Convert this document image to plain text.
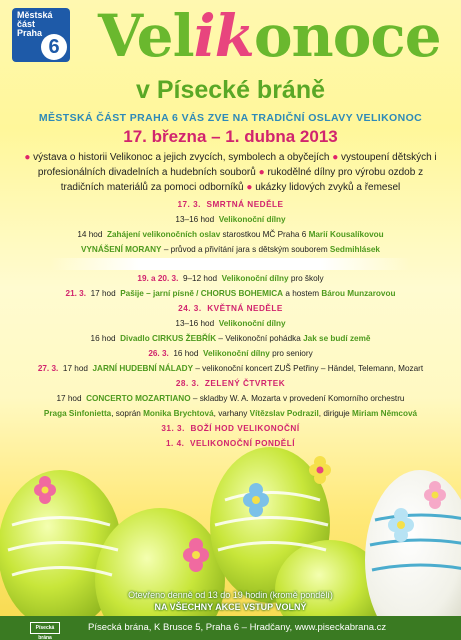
Městská
část
Praha
6 Velikonoce
v Písecké bráně
MĚSTSKÁ ČÁST PRAHA 6 VÁS ZVE NA TRADIČNÍ OSLAVY VELIKONOC
17. března – 1. dubna 2013
● výstava o historii Velikonoc a jejich zvycích, symbolech a obyčejích ● vystoupení dětských i profesionálních divadelních a hudebních souborů ● rukodělné dílny pro výrobu ozdob z tradičních materiálů za pomoci odborníků ● ukázky lidových zvyků a řemesel
17. 3. SMRTNÁ NEDĚLE
13–16 hod Velikonoční dílny
14 hod Zahájení velikonočních oslav starostkou MČ Praha 6 Marií Kousalíkovou
VYNÁŠENÍ MORANY – průvod a přivítání jara s dětským souborem Sedmihlásek
19. a 20. 3. 9–12 hod Velikonoční dílny pro školy
21. 3. 17 hod Pašije – jarní písně / CHORUS BOHEMICA a hostem Bárou Munzarovou
24. 3. KVĚTNÁ NEDĚLE
13–16 hod Velikonoční dílny
16 hod Divadlo CIRKUS ŽEBŘÍK – Velikonoční pohádka Jak se budí země
26. 3. 16 hod Velikonoční dílny pro seniory
27. 3. 17 hod JARNÍ HUDEBNÍ NÁLADY – velikonoční koncert ZUŠ Petřiny – Händel, Telemann, Mozart
28. 3. ZELENÝ ČTVRTEK
17 hod CONCERTO MOZARTIANO – skladby W. A. Mozarta v provedení Komorního orchestru
Praga Sinfonietta, soprán Monika Brychtová, varhany Vítězslav Podrazil, diriguje Miriam Němcová
31. 3. BOŽÍ HOD VELIKONOČNÍ
1. 4. VELIKONOČNÍ PONDĚLÍ
Otevřeno denně od 13 do 19 hodin (kromě pondělí)
NA VŠECHNY AKCE VSTUP VOLNÝ
Písecká brána
Písecká brána, K Brusce 5, Praha 6 – Hradčany, www.piseckabrana.cz
